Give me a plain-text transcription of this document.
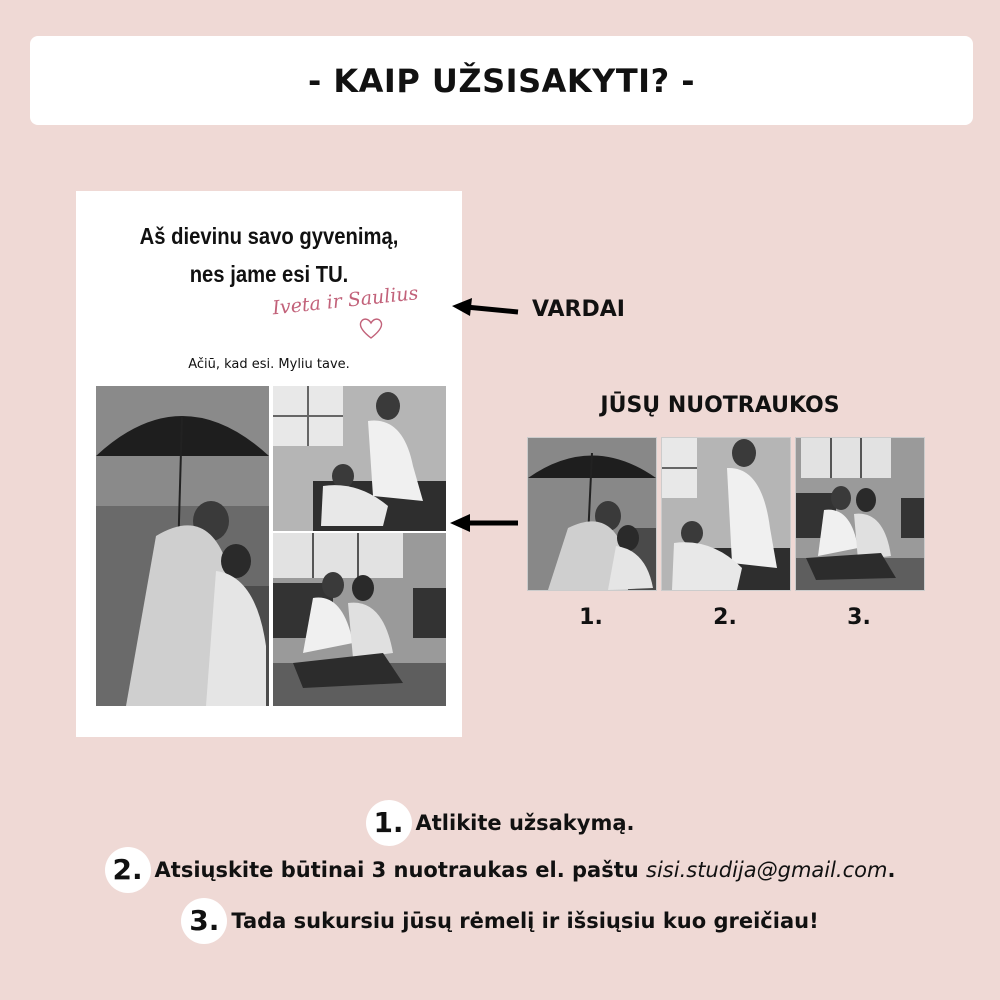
- KAIP UŽSISAKYTI? -
Aš dievinu savo gyvenimą,
nes jame esi TU.
Iveta ir Saulius
Ačiū, kad esi. Myliu tave.
VARDAI
JŪSŲ NUOTRAUKOS
1.	2.	3.
1. Atlikite užsakymą.
2. Atsiųskite būtinai 3 nuotraukas el. paštu sisi.studija@gmail.com.
3. Tada sukursiu jūsų rėmelį ir išsiųsiu kuo greičiau!
